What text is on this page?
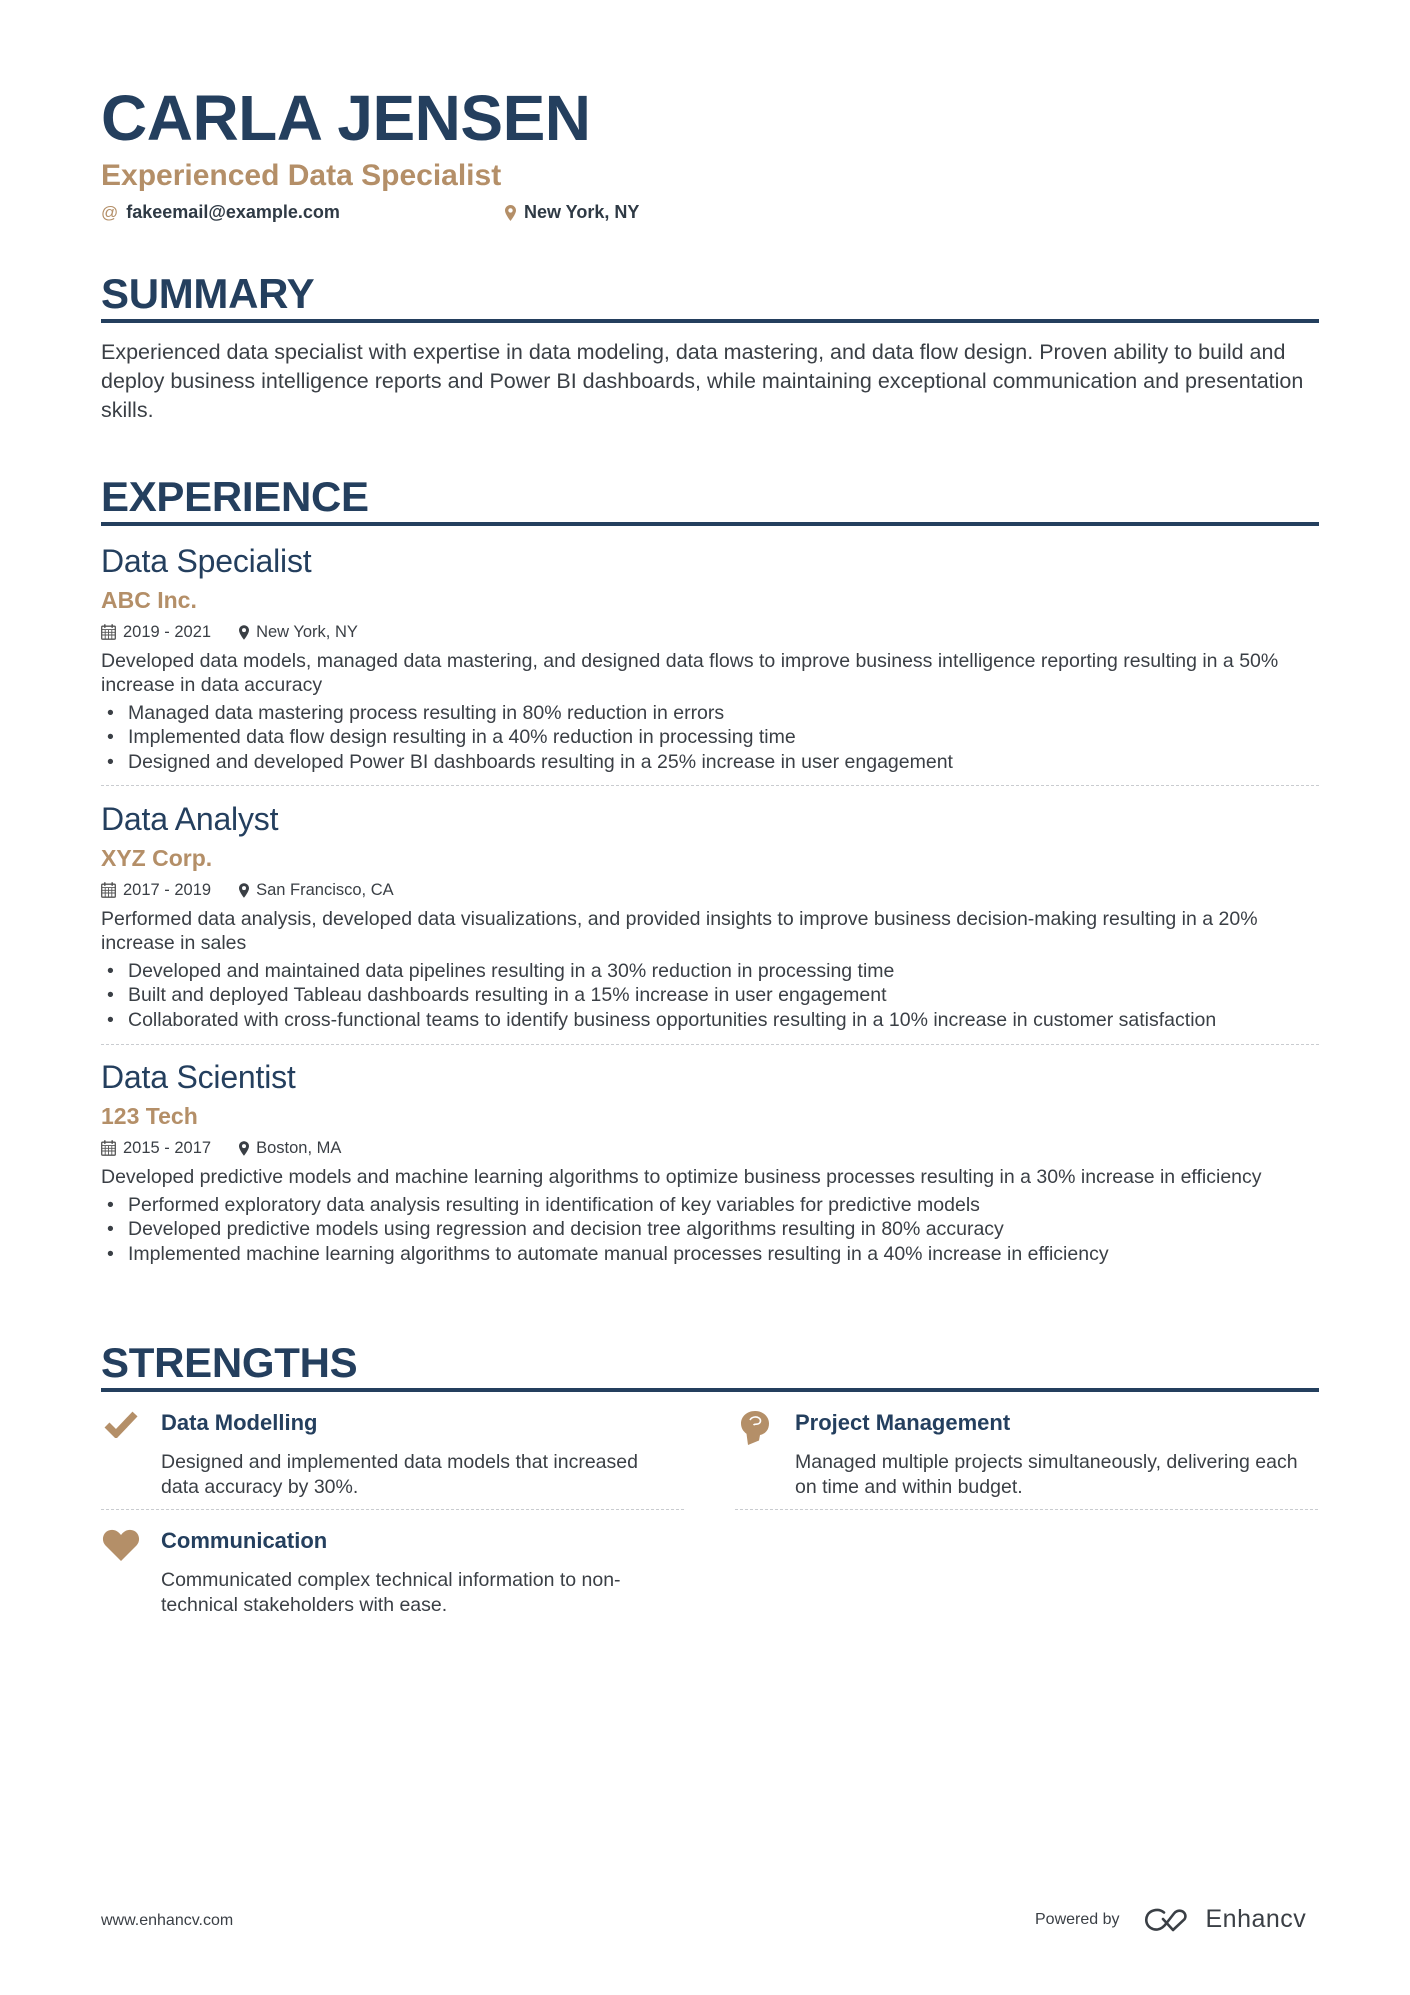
CARLA JENSEN
Experienced Data Specialist
@ fakeemail@example.com	New York, NY
SUMMARY
Experienced data specialist with expertise in data modeling, data mastering, and data flow design. Proven ability to build and deploy business intelligence reports and Power BI dashboards, while maintaining exceptional communication and presentation skills.
EXPERIENCE
Data Specialist
ABC Inc.
2019 - 2021	New York, NY
Developed data models, managed data mastering, and designed data flows to improve business intelligence reporting resulting in a 50% increase in data accuracy
• Managed data mastering process resulting in 80% reduction in errors
• Implemented data flow design resulting in a 40% reduction in processing time
• Designed and developed Power BI dashboards resulting in a 25% increase in user engagement
Data Analyst
XYZ Corp.
2017 - 2019	San Francisco, CA
Performed data analysis, developed data visualizations, and provided insights to improve business decision-making resulting in a 20% increase in sales
• Developed and maintained data pipelines resulting in a 30% reduction in processing time
• Built and deployed Tableau dashboards resulting in a 15% increase in user engagement
• Collaborated with cross-functional teams to identify business opportunities resulting in a 10% increase in customer satisfaction
Data Scientist
123 Tech
2015 - 2017	Boston, MA
Developed predictive models and machine learning algorithms to optimize business processes resulting in a 30% increase in efficiency
• Performed exploratory data analysis resulting in identification of key variables for predictive models
• Developed predictive models using regression and decision tree algorithms resulting in 80% accuracy
• Implemented machine learning algorithms to automate manual processes resulting in a 40% increase in efficiency
STRENGTHS
Data Modelling
Designed and implemented data models that increased data accuracy by 30%.
Project Management
Managed multiple projects simultaneously, delivering each on time and within budget.
Communication
Communicated complex technical information to non-technical stakeholders with ease.
www.enhancv.com	Powered by	Enhancv
